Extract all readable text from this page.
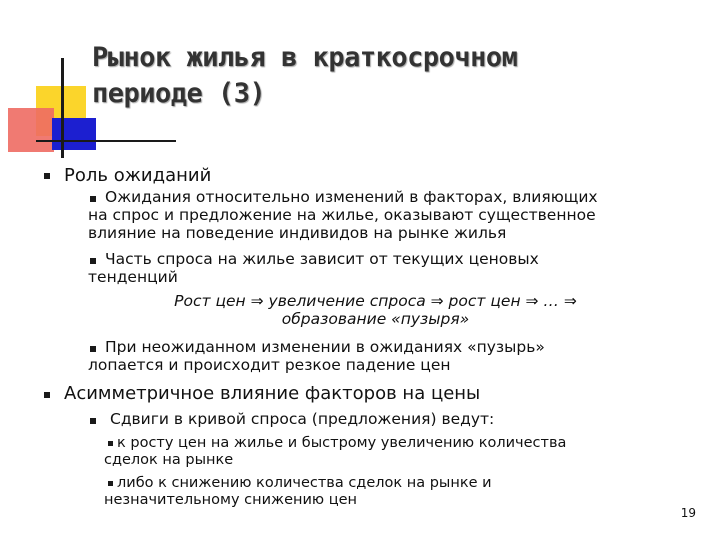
Рынок жилья в краткосрочном
периоде (3)

Роль ожиданий

Ожидания относительно изменений в факторах, влияющих

на спрос и предложение на жилье, оказывают существенное

влияние на поведение индивидов на рынке жилья

Часть спроса на жилье зависит от текущих ценовых

тенденций

Рост цен ⇒ увеличение спроса ⇒ рост цен ⇒ … ⇒

образование «пузыря»

При неожиданном изменении в ожиданиях «пузырь»

лопается и происходит резкое падение цен

Асимметричное влияние факторов на цены

Сдвиги в кривой спроса (предложения) ведут:

к росту цен на жилье и быстрому увеличению количества

сделок на рынке

либо к снижению количества сделок на рынке и

незначительному снижению цен

19
